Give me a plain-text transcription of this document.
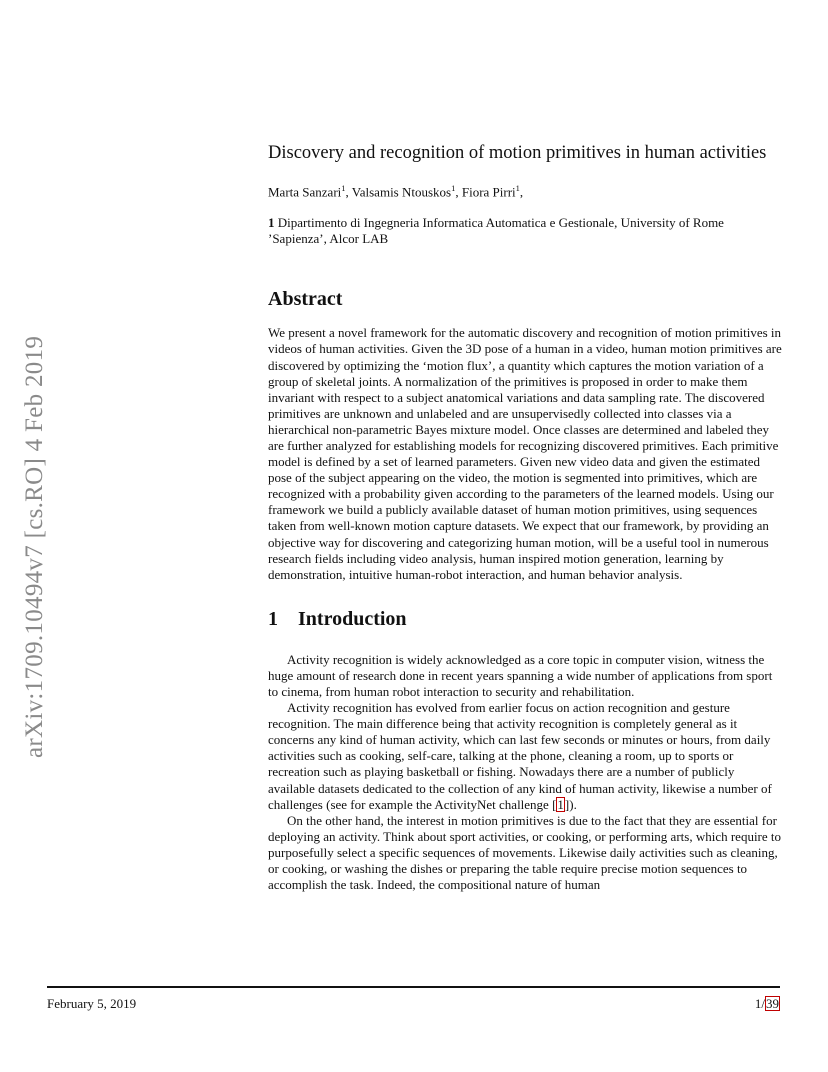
arXiv:1709.10494v7 [cs.RO] 4 Feb 2019
Discovery and recognition of motion primitives in human activities
Marta Sanzari$^1$, Valsamis Ntouskos$^1$, Fiora Pirri$^1$,
1 Dipartimento di Ingegneria Informatica Automatica e Gestionale, University of Rome ’Sapienza’, Alcor LAB
Abstract
We present a novel framework for the automatic discovery and recognition of motion primitives in videos of human activities. Given the 3D pose of a human in a video, human motion primitives are discovered by optimizing the ‘motion flux’, a quantity which captures the motion variation of a group of skeletal joints. A normalization of the primitives is proposed in order to make them invariant with respect to a subject anatomical variations and data sampling rate. The discovered primitives are unknown and unlabeled and are unsupervisedly collected into classes via a hierarchical non-parametric Bayes mixture model. Once classes are determined and labeled they are further analyzed for establishing models for recognizing discovered primitives. Each primitive model is defined by a set of learned parameters. Given new video data and given the estimated pose of the subject appearing on the video, the motion is segmented into primitives, which are recognized with a probability given according to the parameters of the learned models. Using our framework we build a publicly available dataset of human motion primitives, using sequences taken from well-known motion capture datasets. We expect that our framework, by providing an objective way for discovering and categorizing human motion, will be a useful tool in numerous research fields including video analysis, human inspired motion generation, learning by demonstration, intuitive human-robot interaction, and human behavior analysis.
1 Introduction

Activity recognition is widely acknowledged as a core topic in computer vision, witness the huge amount of research done in recent years spanning a wide number of applications from sport to cinema, from human robot interaction to security and rehabilitation.

Activity recognition has evolved from earlier focus on action recognition and gesture recognition. The main difference being that activity recognition is completely general as it concerns any kind of human activity, which can last few seconds or minutes or hours, from daily activities such as cooking, self-care, talking at the phone, cleaning a room, up to sports or recreation such as playing basketball or fishing. Nowadays there are a number of publicly available datasets dedicated to the collection of any kind of human activity, likewise a number of challenges (see for example the ActivityNet challenge [1]).

On the other hand, the interest in motion primitives is due to the fact that they are essential for deploying an activity. Think about sport activities, or cooking, or performing arts, which require to purposefully select a specific sequences of movements. Likewise daily activities such as cleaning, or cooking, or washing the dishes or preparing the table require precise motion sequences to accomplish the task. Indeed, the compositional nature of human

February 5, 2019	1/39
